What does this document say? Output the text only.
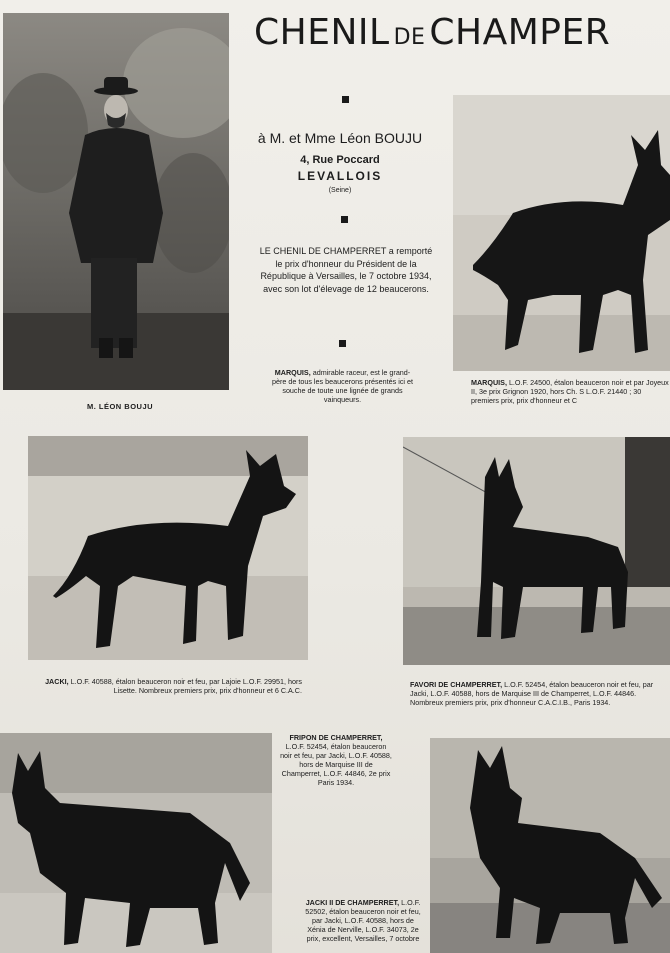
CHENIL DE CHAMPER
M. LÉON BOUJU
à M. et Mme Léon BOUJU
4, Rue Poccard
LEVALLOIS
(Seine)
LE CHENIL DE CHAMPERRET a remporté le prix d'honneur du Président de la République à Versailles, le 7 octobre 1934, avec son lot d'élevage de 12 beaucerons.
MARQUIS, admirable raceur, est le grand-père de tous les beaucerons présentés ici et souche de toute une lignée de grands vainqueurs.
MARQUIS, L.O.F. 24500, étalon beauceron noir et par Joyeux II, 3e prix Grignon 1920, hors Ch. S L.O.F. 21440 ; 30 premiers prix, prix d'honneur et C
JACKI, L.O.F. 40588, étalon beauceron noir et feu, par Lajoie L.O.F. 29951, hors Lisette. Nombreux premiers prix, prix d'honneur et 6 C.A.C.
FAVORI DE CHAMPERRET, L.O.F. 52454, étalon beauceron noir et feu, par Jacki, L.O.F. 40588, hors de Marquise III de Champerret, L.O.F. 44846. Nombreux premiers prix, prix d'honneur C.A.C.I.B., Paris 1934.
FRIPON DE CHAMPERRET, L.O.F. 52454, étalon beauceron noir et feu, par Jacki, L.O.F. 40588, hors de Marquise III de Champerret, L.O.F. 44846, 2e prix Paris 1934.
JACKI II DE CHAMPERRET, L.O.F. 52502, étalon beauceron noir et feu, par Jacki, L.O.F. 40588, hors de Xénia de Nerville, L.O.F. 34073, 2e prix, excellent, Versailles, 7 octobre
